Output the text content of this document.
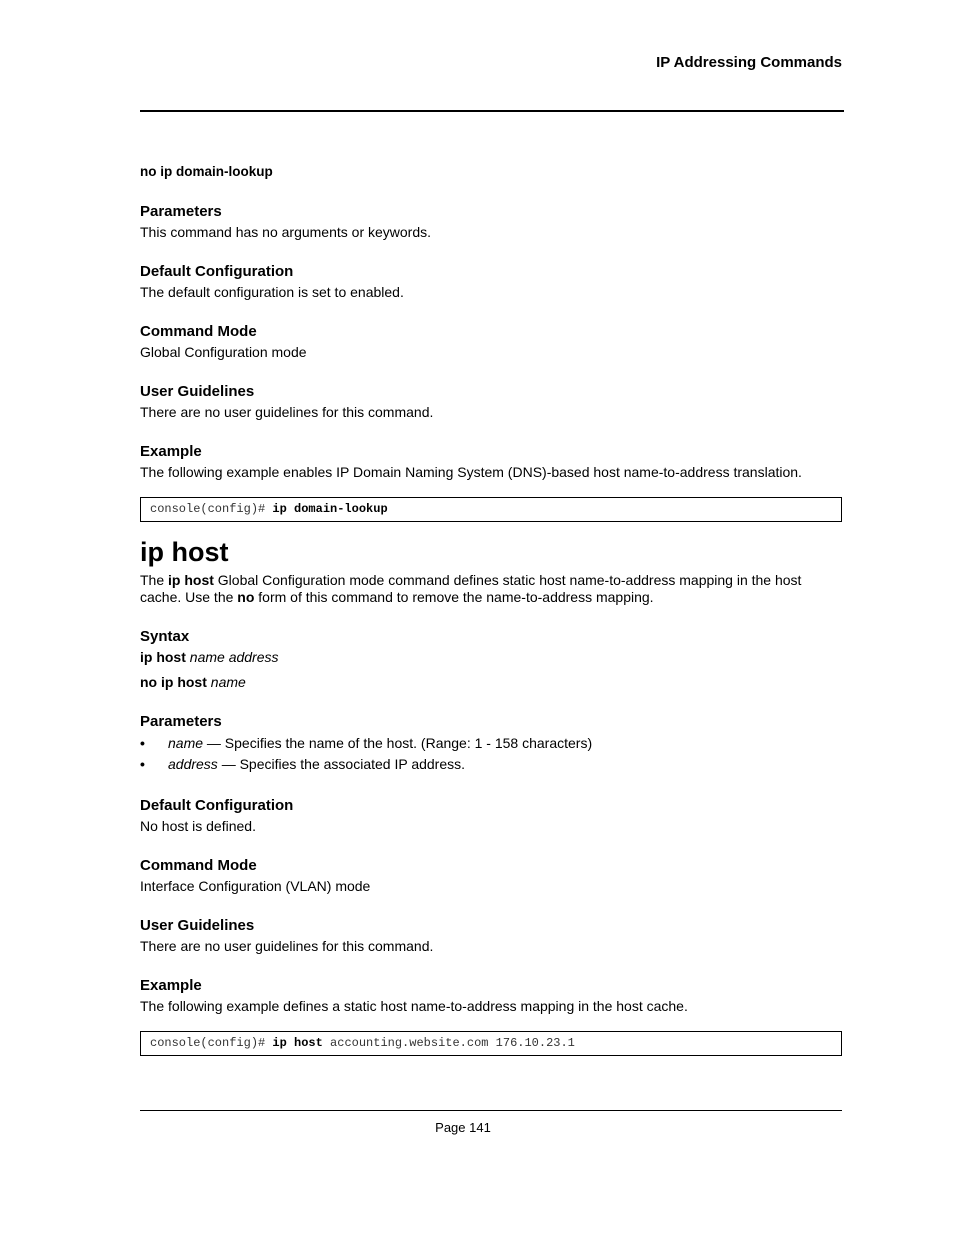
IP Addressing Commands

no ip domain-lookup

Parameters

This command has no arguments or keywords.

Default Configuration

The default configuration is set to enabled.

Command Mode

Global Configuration mode

User Guidelines

There are no user guidelines for this command.

Example

The following example enables IP Domain Naming System (DNS)-based host name-to-address translation.

console(config)# ip domain-lookup
ip host

The ip host Global Configuration mode command defines static host name-to-address mapping in the host cache. Use the no form of this command to remove the name-to-address mapping.

Syntax

ip host name address

no ip host name

Parameters

• name — Specifies the name of the host. (Range: 1 - 158 characters)
• address — Specifies the associated IP address.

Default Configuration

No host is defined.

Command Mode

Interface Configuration (VLAN) mode

User Guidelines

There are no user guidelines for this command.

Example

The following example defines a static host name-to-address mapping in the host cache.

console(config)# ip host accounting.website.com 176.10.23.1
Page 141
